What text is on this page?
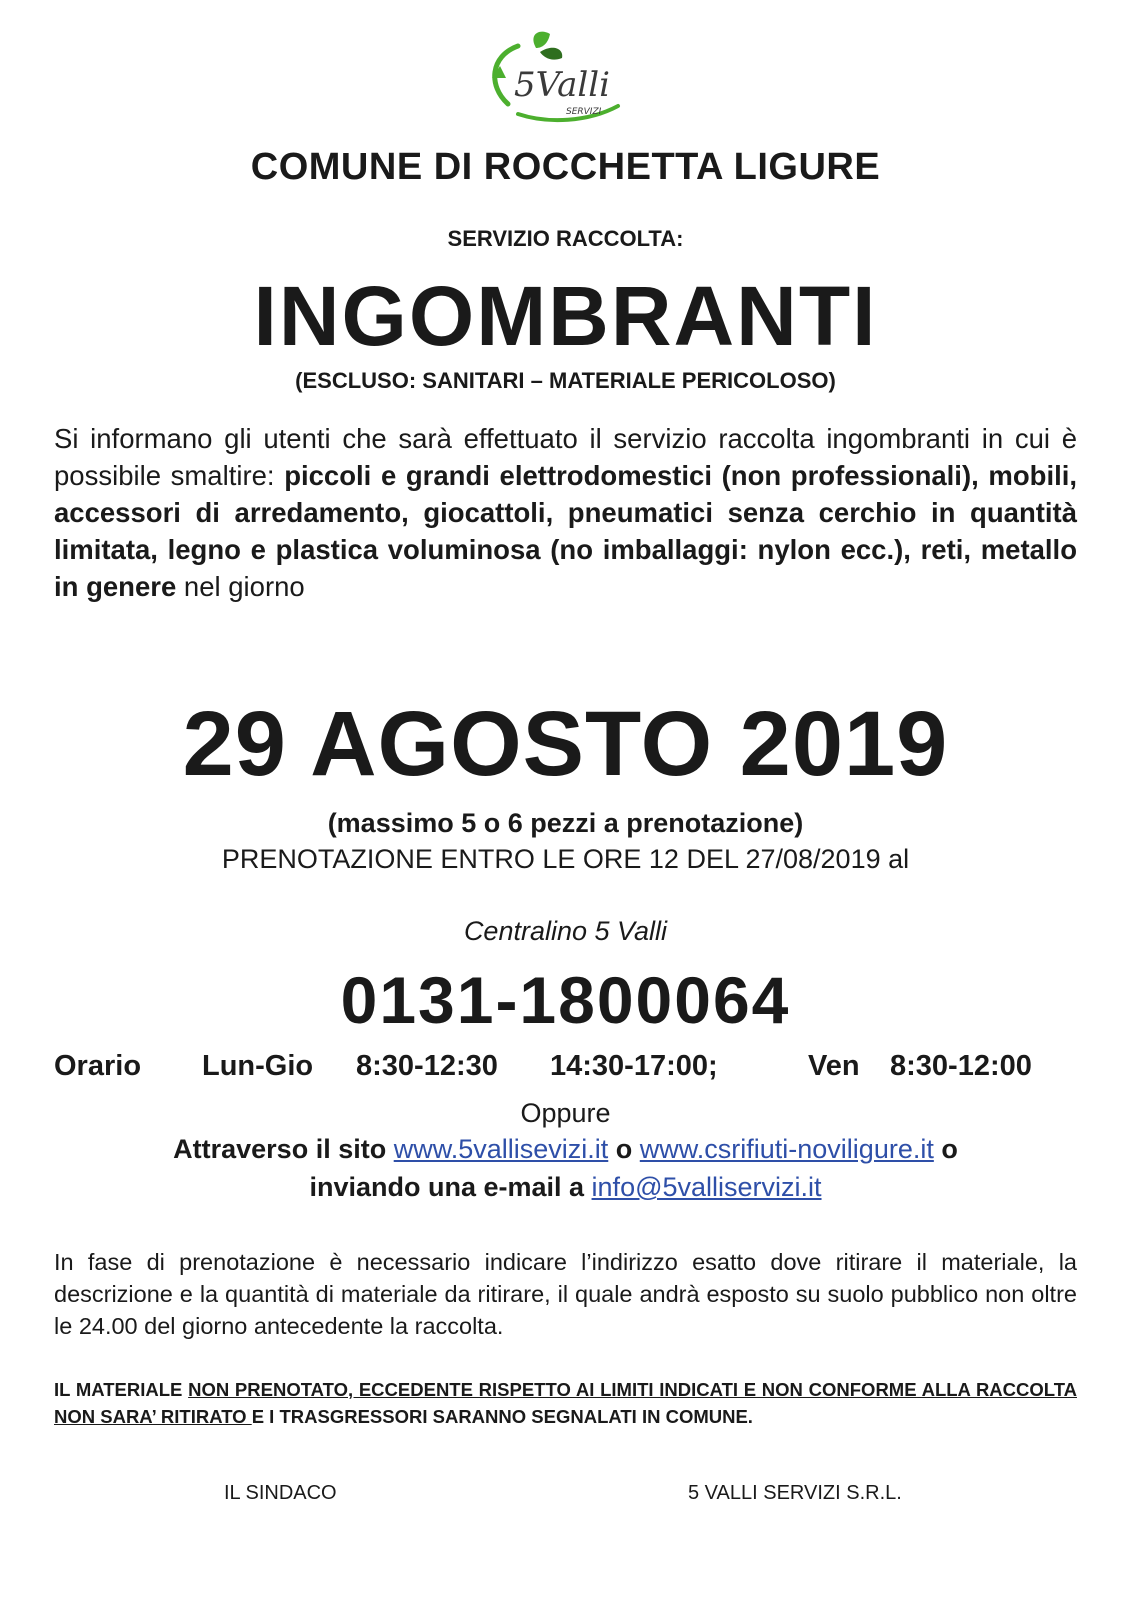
5Valli
SERVIZI
COMUNE DI ROCCHETTA LIGURE
SERVIZIO RACCOLTA:
INGOMBRANTI
(ESCLUSO: SANITARI – MATERIALE PERICOLOSO)
Si informano gli utenti che sarà effettuato il servizio raccolta ingombranti in cui è possibile smaltire: piccoli e grandi elettrodomestici (non professionali), mobili, accessori di arredamento, giocattoli, pneumatici senza cerchio in quantità limitata, legno e plastica voluminosa (no imballaggi: nylon ecc.), reti, metallo in genere nel giorno
29 AGOSTO 2019
(massimo 5 o 6 pezzi a prenotazione)
PRENOTAZIONE ENTRO LE ORE 12 DEL 27/08/2019 al
Centralino 5 Valli
0131-1800064
Orario Lun-Gio 8:30-12:30 14:30-17:00;	Ven 8:30-12:00
Oppure
Attraverso il sito www.5vallisevizi.it o www.csrifiuti-noviligure.it o
inviando una e-mail a info@5valliservizi.it
In fase di prenotazione è necessario indicare l’indirizzo esatto dove ritirare il materiale, la descrizione e la quantità di materiale da ritirare, il quale andrà esposto su suolo pubblico non oltre le 24.00 del giorno antecedente la raccolta.
IL MATERIALE NON PRENOTATO, ECCEDENTE RISPETTO AI LIMITI INDICATI E NON CONFORME ALLA RACCOLTA NON SARA’ RITIRATO E I TRASGRESSORI SARANNO SEGNALATI IN COMUNE.
IL SINDACO	5 VALLI SERVIZI S.R.L.
